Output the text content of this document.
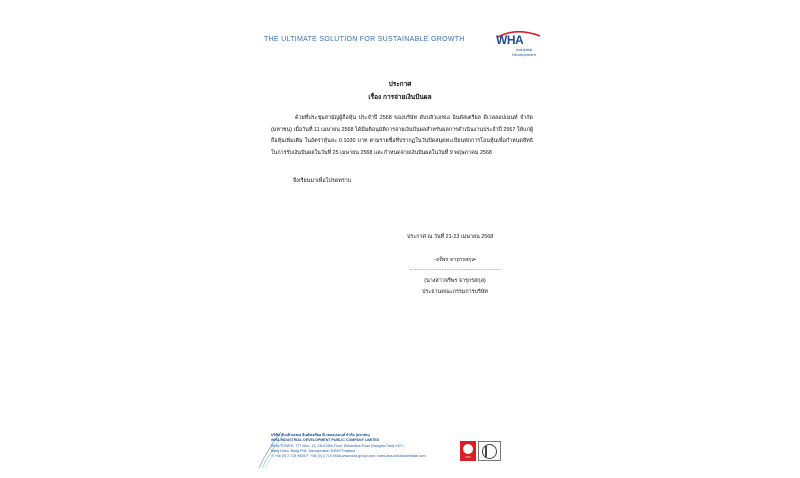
THE ULTIMATE SOLUTION FOR SUSTAINABLE GROWTH	WHA
Industrial
Development
ประกาศ
เรื่อง การจ่ายเงินปันผล
ด้วยที่ประชุมสามัญผู้ถือหุ้น ประจำปี 2568 ของบริษัท ดับบลิวเอชเอ อินดัสเตรียล ดีเวลลอปเมนท์ จำกัด (มหาชน) เมื่อวันที่ 11 เมษายน 2568 ได้มีมติอนุมัติการจ่ายเงินปันผลสำหรับผลการดำเนินงานประจำปี 2567 ให้แก่ผู้ถือหุ้นเพิ่มเติม ในอัตราหุ้นละ 0.1030 บาท ตามรายชื่อที่ปรากฏในวันปิดสมุดทะเบียนพักการโอนหุ้นเพื่อกำหนดสิทธิในการรับเงินปันผลในวันที่ 25 เมษายน 2568 และกำหนดจ่ายเงินปันผลในวันที่ 9 พฤษภาคม 2568
จึงเรียนมาเพื่อโปรดทราบ
ประกาศ ณ วันที่ 21-23 เมษายน 2568
-จรีพร จารุกรสกุล-
………………………………………………
(นางสาวจรีพร จารุกรสกุล)
ประธานคณะกรรมการบริษัท
บริษัท ดับบลิวเอชเอ อินดัสเตรียล ดีเวลลอปเมนท์ จำกัด (มหาชน)
WHA INDUSTRIAL DEVELOPMENT PUBLIC COMPANY LIMITED
WHA TOWER, 777 Moo. 13, 23rd-25th Floor, Debaratna Road (Bangna-Trad) KM.7,
Bang Kaeo, Bang Phli, Samutprakan 10540 Thailand
T: +66 (0) 2 719 9555 F: +66 (0) 2 719 9546 www.wha-group.com, www.wha-industrialestate.com	ISO
